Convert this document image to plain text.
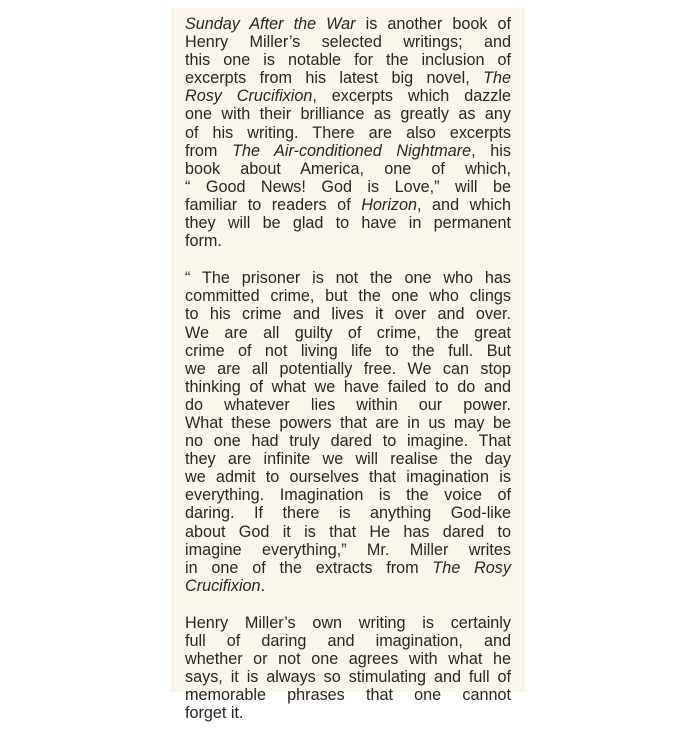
Sunday After the War is another book of
Henry Miller’s selected writings; and
this one is notable for the inclusion of
excerpts from his latest big novel, The
Rosy Crucifixion, excerpts which dazzle
one with their brilliance as greatly as any
of his writing. There are also excerpts
from The Air-conditioned Nightmare, his
book about America, one of which,
“ Good News! God is Love,” will be
familiar to readers of Horizon, and which
they will be glad to have in permanent
form.
“ The prisoner is not the one who has
committed crime, but the one who clings
to his crime and lives it over and over.
We are all guilty of crime, the great
crime of not living life to the full. But
we are all potentially free. We can stop
thinking of what we have failed to do and
do whatever lies within our power.
What these powers that are in us may be
no one had truly dared to imagine. That
they are infinite we will realise the day
we admit to ourselves that imagination is
everything. Imagination is the voice of
daring. If there is anything God-like
about God it is that He has dared to
imagine everything,” Mr. Miller writes
in one of the extracts from The Rosy
Crucifixion.
Henry Miller’s own writing is certainly
full of daring and imagination, and
whether or not one agrees with what he
says, it is always so stimulating and full of
memorable phrases that one cannot
forget it.
